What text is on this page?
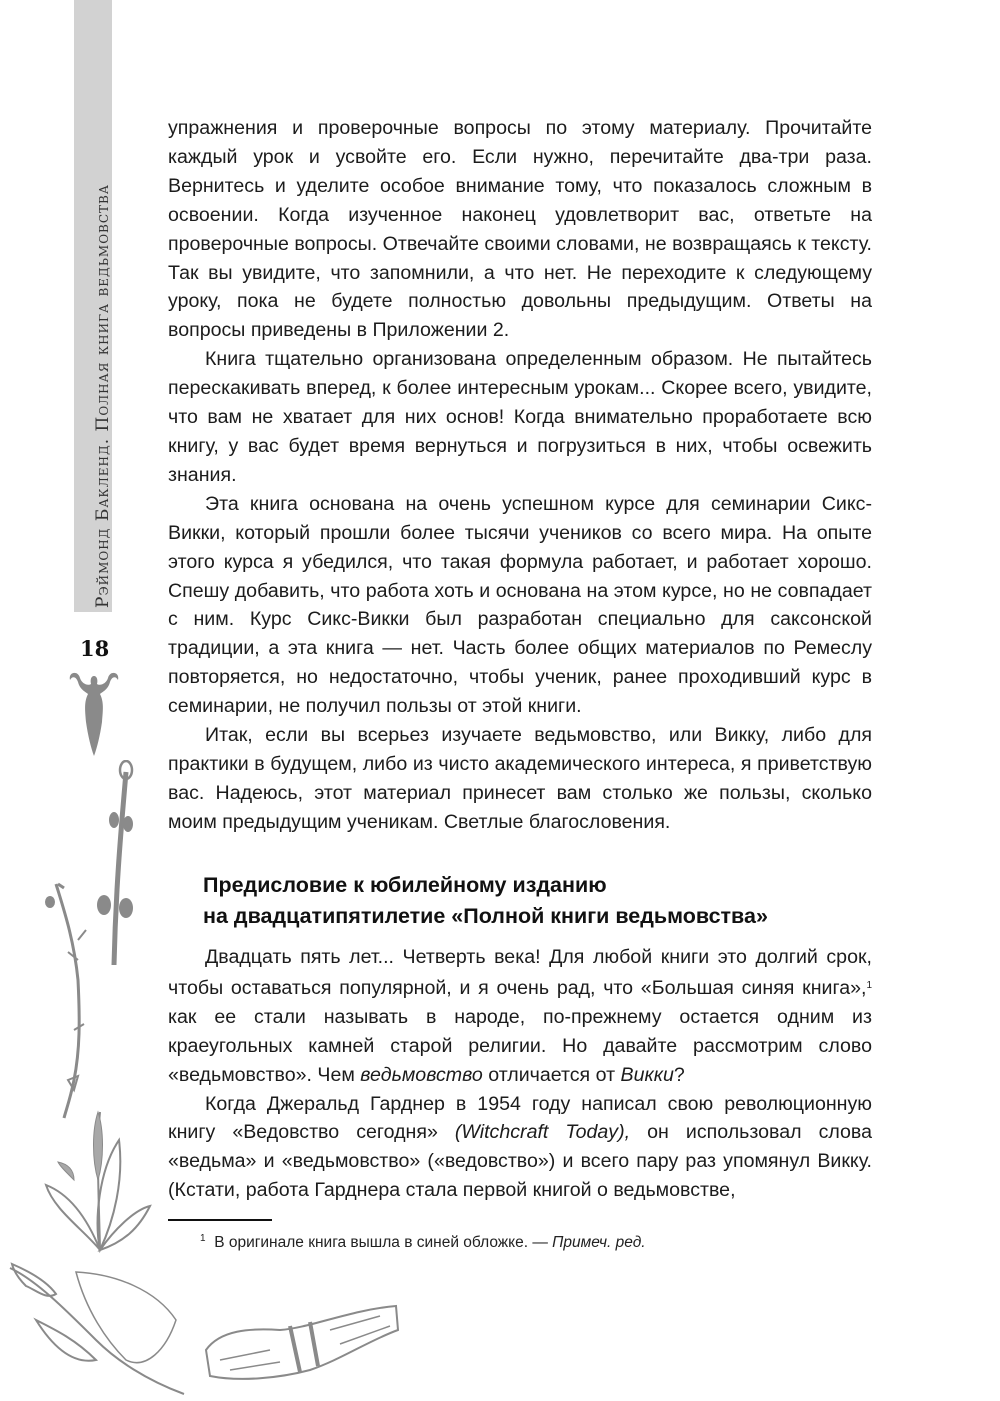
Рэймонд Бакленд. Полная книга ведьмовства
18

упражнения и проверочные вопросы по этому материалу. Прочитайте каждый урок и усвойте его. Если нужно, перечитайте два-три раза. Вернитесь и уделите особое внимание тому, что показалось сложным в освоении. Когда изученное наконец удовлетворит вас, ответьте на проверочные вопросы. Отвечайте своими словами, не возвращаясь к тексту. Так вы увидите, что запомнили, а что нет. Не переходите к следующему уроку, пока не будете полностью довольны предыдущим. Ответы на вопросы приведены в Приложении 2.

Книга тщательно организована определенным образом. Не пытайтесь перескакивать вперед, к более интересным урокам... Скорее всего, увидите, что вам не хватает для них основ! Когда внимательно проработаете всю книгу, у вас будет время вернуться и погрузиться в них, чтобы освежить знания.

Эта книга основана на очень успешном курсе для семинарии Сикс-Викки, который прошли более тысячи учеников со всего мира. На опыте этого курса я убедился, что такая формула работает, и работает хорошо. Спешу добавить, что работа хоть и основана на этом курсе, но не совпадает с ним. Курс Сикс-Викки был разработан специально для саксонской традиции, а эта книга — нет. Часть более общих материалов по Ремеслу повторяется, но недостаточно, чтобы ученик, ранее проходивший курс в семинарии, не получил пользы от этой книги.

Итак, если вы всерьез изучаете ведьмовство, или Викку, либо для практики в будущем, либо из чисто академического интереса, я приветствую вас. Надеюсь, этот материал принесет вам столько же пользы, сколько моим предыдущим ученикам. Светлые благословения.

Предисловие к юбилейному изданию
на двадцатипятилетие «Полной книги ведьмовства»

Двадцать пять лет... Четверть века! Для любой книги это долгий срок, чтобы оставаться популярной, и я очень рад, что «Большая синяя книга»,$^1$ как ее стали называть в народе, по-прежнему остается одним из краеугольных камней старой религии. Но давайте рассмотрим слово «ведьмовство». Чем ведьмовство отличается от Викки?

Когда Джеральд Гарднер в 1954 году написал свою революционную книгу «Ведовство сегодня» (Witchcraft Today), он использовал слова «ведьма» и «ведьмовство» («ведовство») и всего пару раз упомянул Викку. (Кстати, работа Гарднера стала первой книгой о ведьмовстве,

$^1$ В оригинале книга вышла в синей обложке. — Примеч. ред.
